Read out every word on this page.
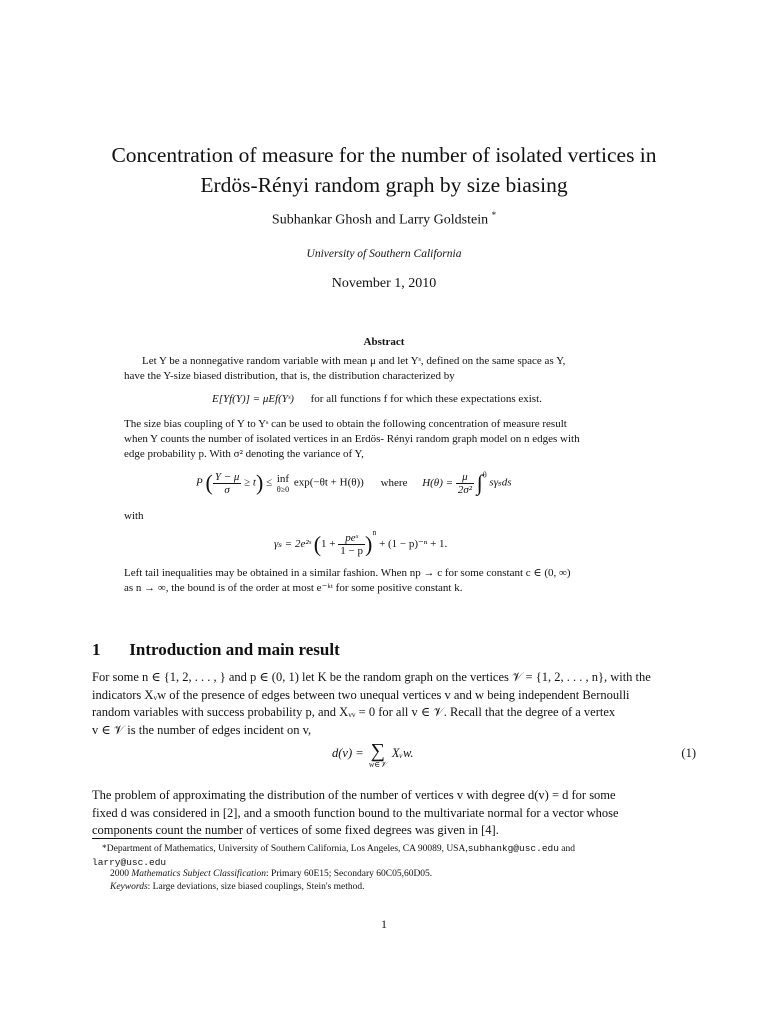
Concentration of measure for the number of isolated vertices in
Erdös-Rényi random graph by size biasing
Subhankar Ghosh and Larry Goldstein *
University of Southern California
November 1, 2010
Abstract
Let Y be a nonnegative random variable with mean μ and let Yˢ, defined on the same space as Y,
have the Y-size biased distribution, that is, the distribution characterized by
E[Yf(Y)] = μEf(Yˢ) for all functions f for which these expectations exist.
The size bias coupling of Y to Yˢ can be used to obtain the following concentration of measure result
when Y counts the number of isolated vertices in an Erdös- Rényi random graph model on n edges with
edge probability p. With σ² denoting the variance of Y,
P ( $\frac{Y - \mu}{\sigma} \ge t$) ≤ inf
θ≥0
exp(−θt + H(θ)) where $H(\theta) = \frac{\mu}{\text{2σ²}} \int^\theta$ sγₛds
with
γₛ = 2e²ˢ $(1 + \frac{\text{peˢ}}{1 - p} )^n + (1 - p)^{-n} + 1$.
Left tail inequalities may be obtained in a similar fashion. When np → c for some constant c ∈ (0, ∞)
as n → ∞, the bound is of the order at most e⁻ᵏᵗ for some positive constant k.
1 Introduction and main result
For some n ∈ {1, 2, . . . , } and p ∈ (0, 1) let K be the random graph on the vertices 𝒱 = {1, 2, . . . , n}, with the
indicators Xᵥw of the presence of edges between two unequal vertices v and w being independent Bernoulli
random variables with success probability p, and Xᵥᵥ = 0 for all v ∈ 𝒱. Recall that the degree of a vertex
v ∈ 𝒱 is the number of edges incident on v,
d(v) = ∑
w∈𝒱
Xᵥw.	(1)
The problem of approximating the distribution of the number of vertices v with degree d(v) = d for some
fixed d was considered in [2], and a smooth function bound to the multivariate normal for a vector whose
components count the number of vertices of some fixed degrees was given in [4].
*Department of Mathematics, University of Southern California, Los Angeles, CA 90089, USA,subhankg@usc.edu and
larry@usc.edu
2000 Mathematics Subject Classification: Primary 60E15; Secondary 60C05,60D05.
Keywords: Large deviations, size biased couplings, Stein's method.
1
